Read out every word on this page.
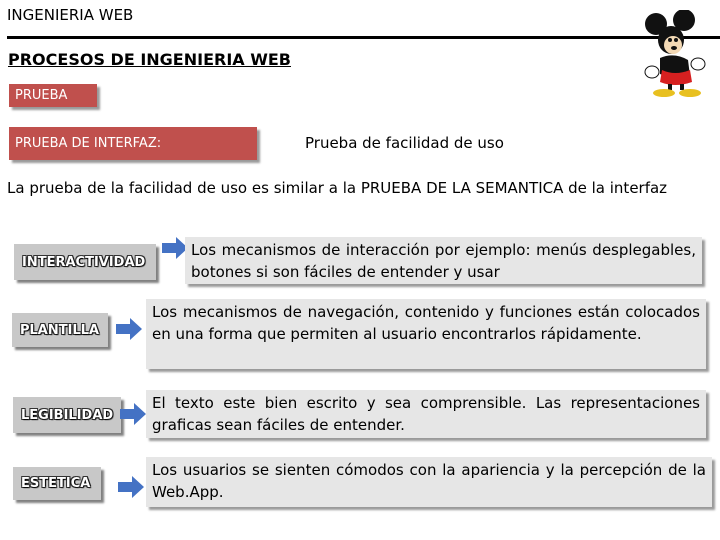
INGENIERIA WEB
PROCESOS DE INGENIERIA WEB
PRUEBA
PRUEBA DE INTERFAZ:	Prueba de facilidad de uso
La prueba de la facilidad de uso es similar a la PRUEBA DE LA SEMANTICA de la interfaz
INTERACTIVIDAD
Los mecanismos de interacción por ejemplo: menús desplegables, botones si son fáciles de entender y usar
PLANTILLA
Los mecanismos de navegación, contenido y funciones están colocados en una forma que permiten al usuario encontrarlos rápidamente.
LEGIBILIDAD
El texto este bien escrito y sea comprensible. Las representaciones graficas sean fáciles de entender.
ESTETICA
Los usuarios se sienten cómodos con la apariencia y la percepción de la Web.App.
